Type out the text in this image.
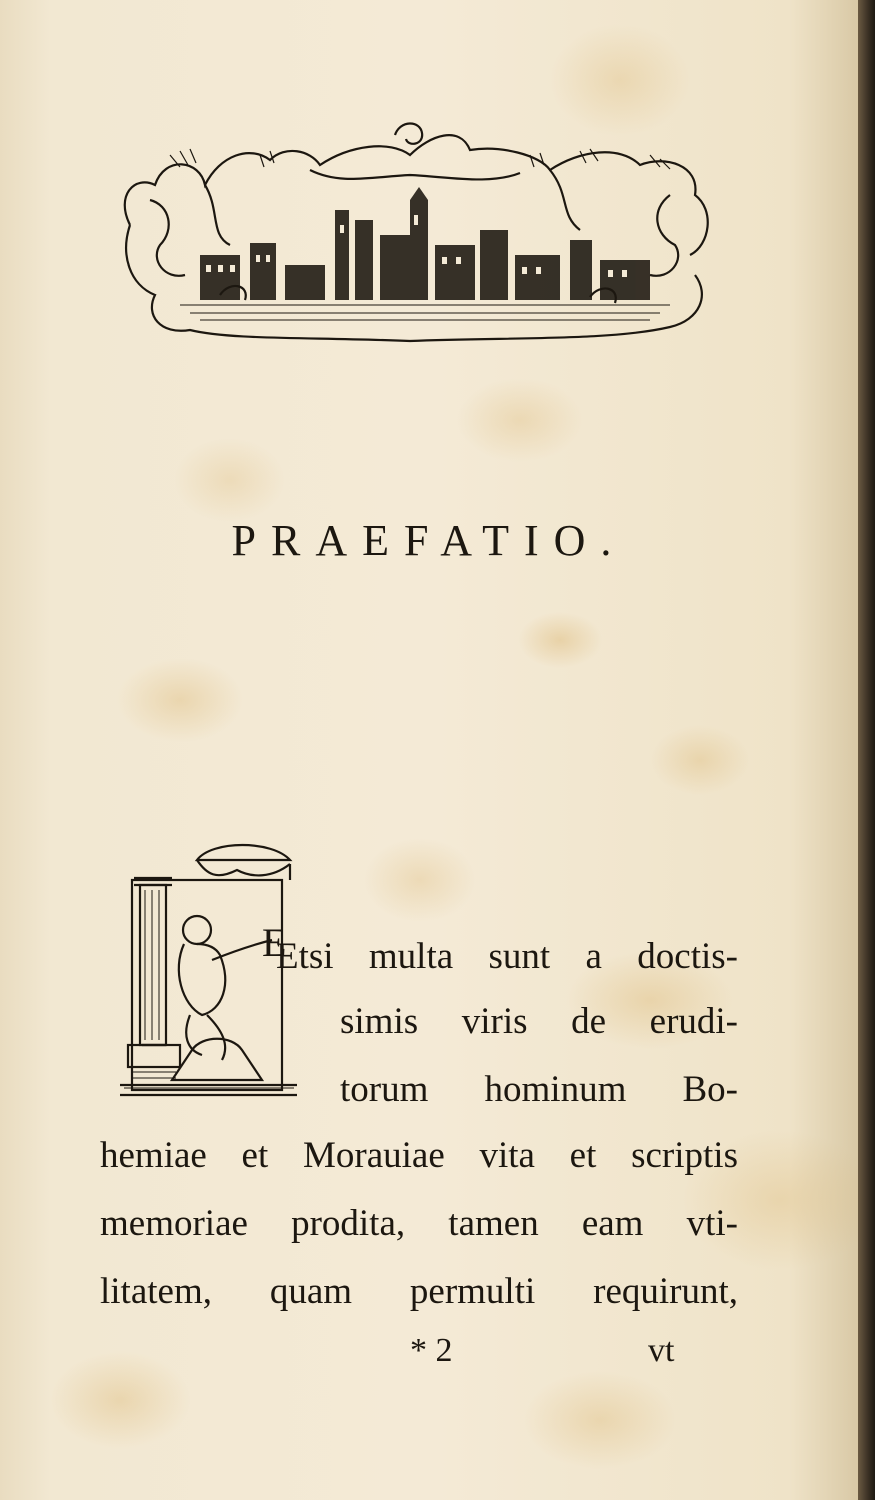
PRAEFATIO.
E
Etsi multa sunt a doctis-
simis viris de erudi-
torum hominum Bo-
hemiae et Morauiae vita et scriptis
memoriae prodita, tamen eam vti-
litatem, quam permulti requirunt,
* 2	vt
